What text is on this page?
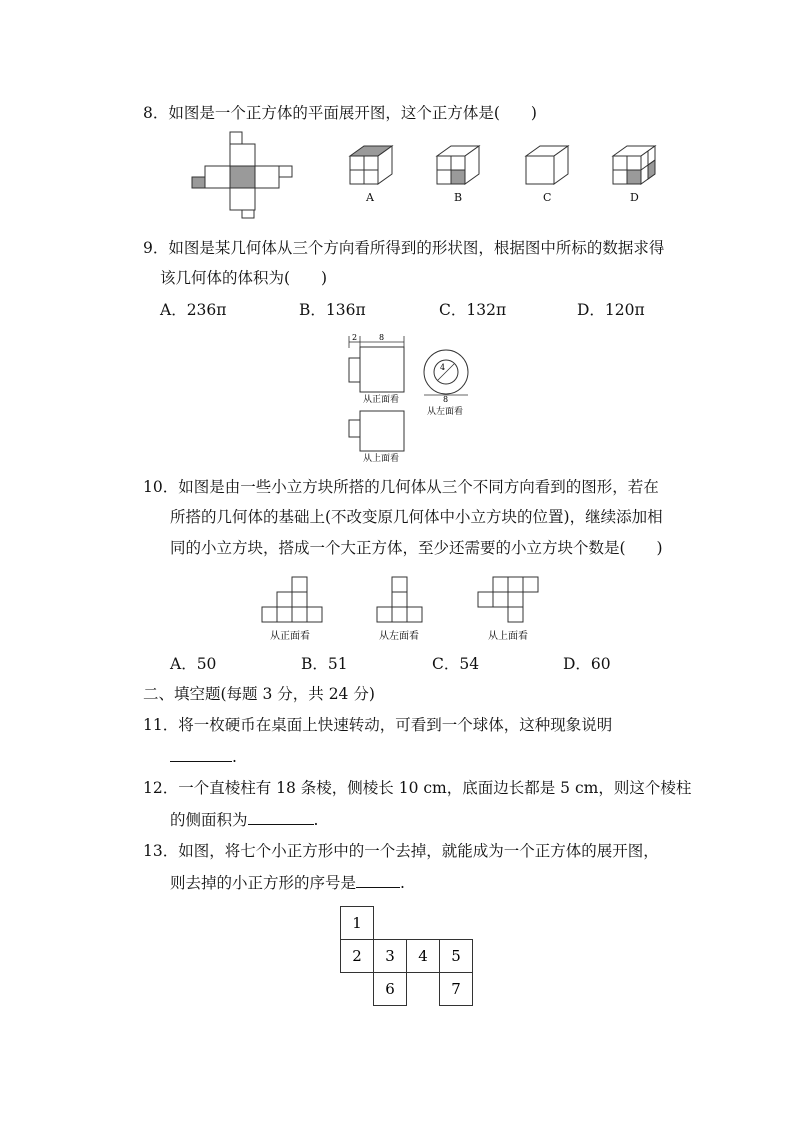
8．如图是一个正方体的平面展开图，这个正方体是(　　)
A	B	C	D
9．如图是某几何体从三个方向看所得到的形状图，根据图中所标的数据求得
该几何体的体积为(　　)
A．236π	B．136π	C．132π	D．120π
2	8
从正面看
从上面看
4
8
从左面看
10．如图是由一些小立方块所搭的几何体从三个不同方向看到的图形，若在
所搭的几何体的基础上(不改变原几何体中小立方块的位置)，继续添加相
同的小立方块，搭成一个大正方体，至少还需要的小立方块个数是(　　)
从正面看	从左面看	从上面看
A．50	B．51	C．54	D．60
二、填空题(每题 3 分，共 24 分)
11．将一枚硬币在桌面上快速转动，可看到一个球体，这种现象说明
.
12．一个直棱柱有 18 条棱，侧棱长 10 cm，底面边长都是 5 cm，则这个棱柱
的侧面积为	.
13．如图，将七个小正方形中的一个去掉，就能成为一个正方体的展开图，
则去掉的小正方形的序号是	.
1
2 3 4 5
6	7
